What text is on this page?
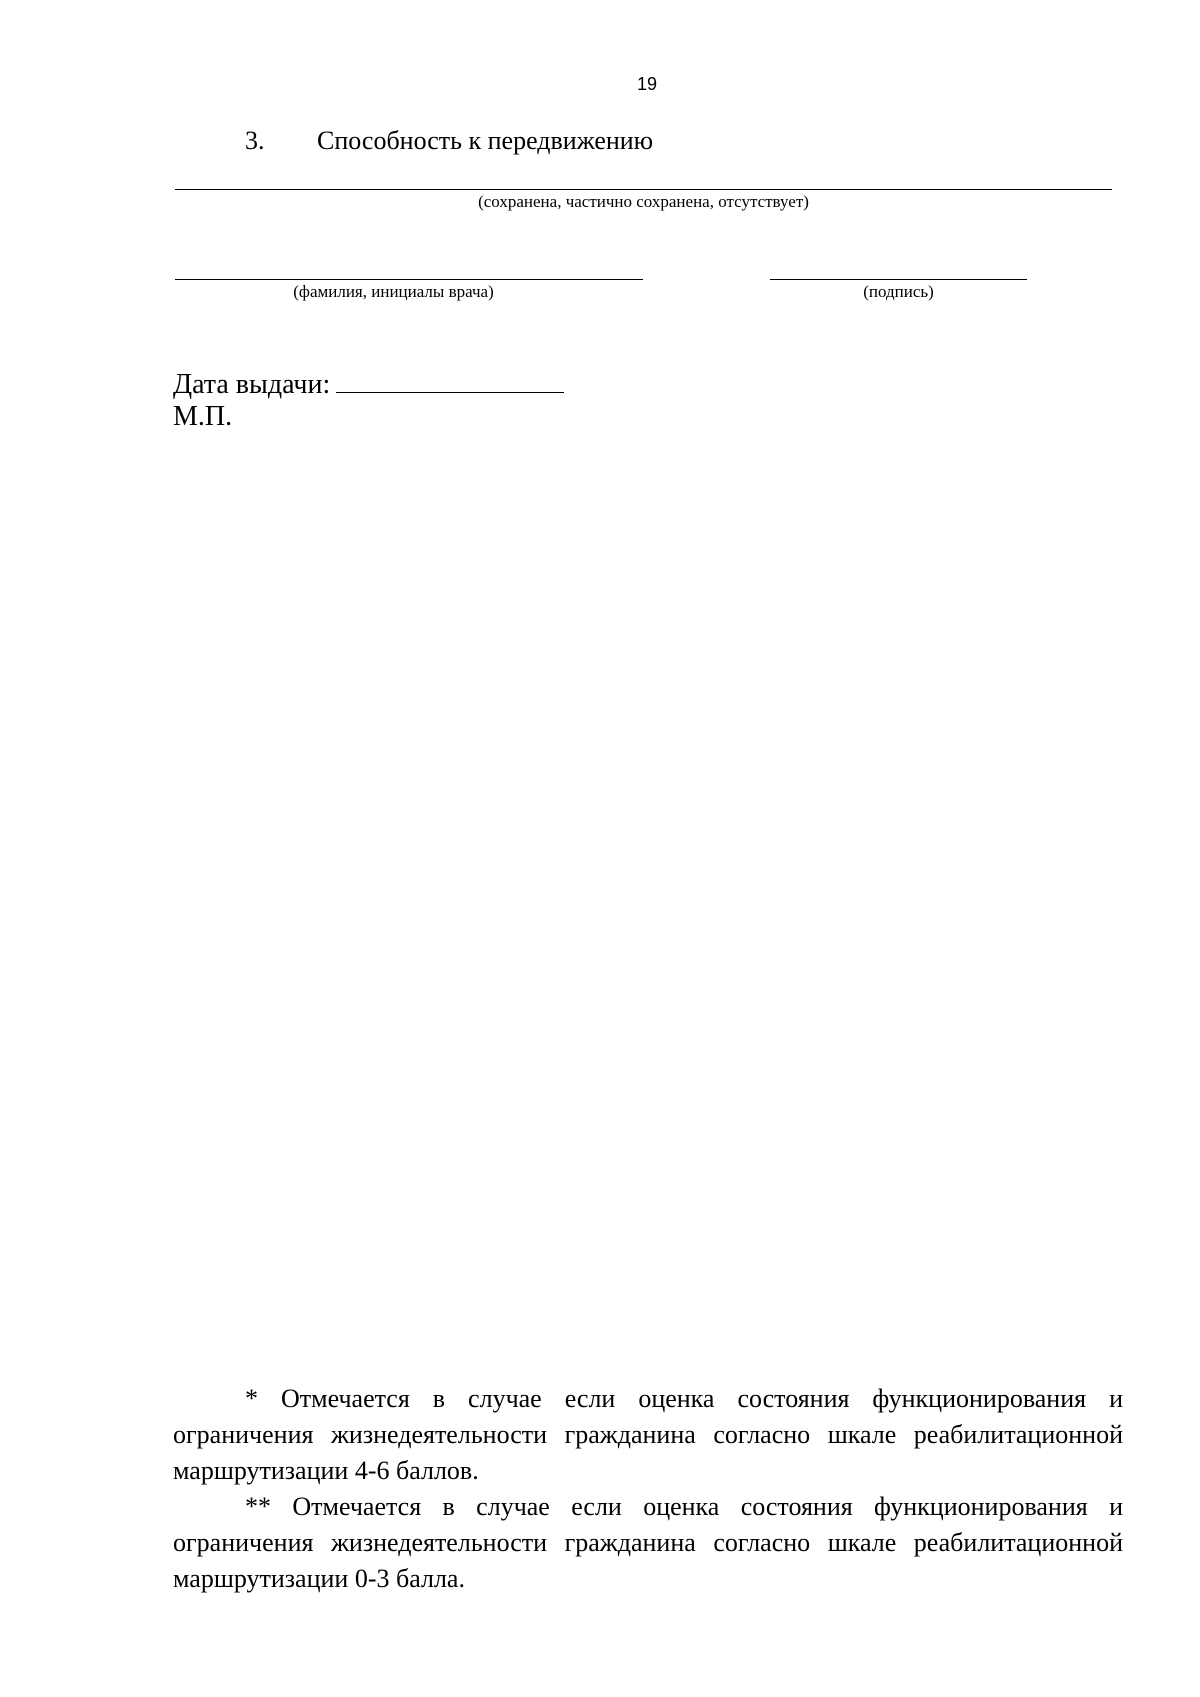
19
3. Способность к передвижению
(сохранена, частично сохранена, отсутствует)
(фамилия, инициалы врача)	(подпись)
Дата выдачи:
М.П.

* Отмечается в случае если оценка состояния функционирования и ограничения жизнедеятельности гражданина согласно шкале реабилитационной маршрутизации 4-6 баллов.

** Отмечается в случае если оценка состояния функционирования и ограничения жизнедеятельности гражданина согласно шкале реабилитационной маршрутизации 0-3 балла.
